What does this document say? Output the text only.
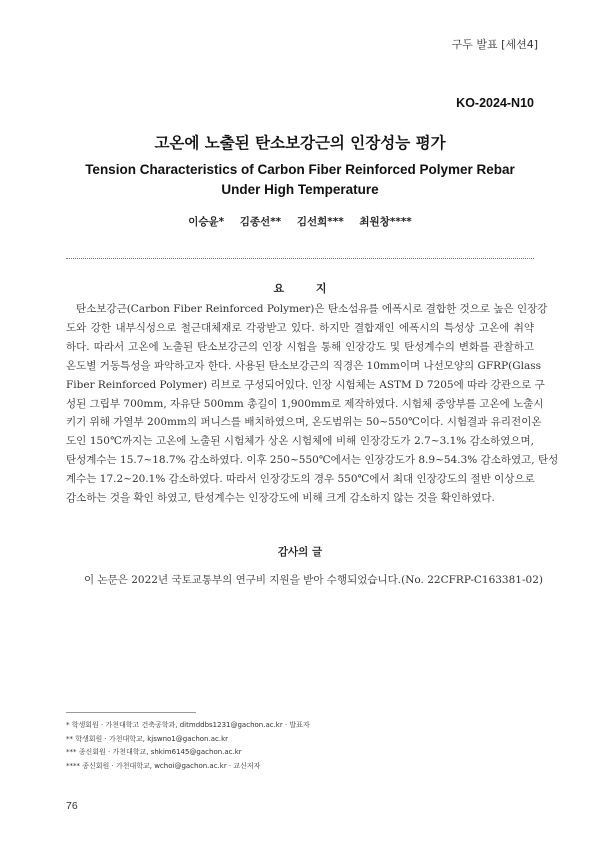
구두 발표 [세션4]
KO-2024-N10
고온에 노출된 탄소보강근의 인장성능 평가
Tension Characteristics of Carbon Fiber Reinforced Polymer Rebar Under High Temperature
이승윤* 김종선** 김선희*** 최원창****
요 지
탄소보강근(Carbon Fiber Reinforced Polymer)은 탄소섬유를 에폭시로 결합한 것으로 높은 인장강
도와 강한 내부식성으로 철근대체재로 각광받고 있다. 하지만 결합재인 에폭시의 특성상 고온에 취약
하다. 따라서 고온에 노출된 탄소보강근의 인장 시험을 통해 인장강도 및 탄성계수의 변화를 관찰하고
온도별 거동특성을 파악하고자 한다. 사용된 탄소보강근의 직경은 10mm이며 나선모양의 GFRP(Glass
Fiber Reinforced Polymer) 리브로 구성되어있다. 인장 시험체는 ASTM D 7205에 따라 강관으로 구
성된 그립부 700mm, 자유단 500mm 총길이 1,900mm로 제작하였다. 시험체 중앙부를 고온에 노출시
키기 위해 가열부 200mm의 퍼니스를 배치하였으며, 온도범위는 50~550℃이다. 시험결과 유리전이온
도인 150℃까지는 고온에 노출된 시험체가 상온 시험체에 비해 인장강도가 2.7~3.1% 감소하였으며,
탄성계수는 15.7~18.7% 감소하였다. 이후 250~550℃에서는 인장강도가 8.9~54.3% 감소하였고, 탄성
계수는 17.2~20.1% 감소하였다. 따라서 인장강도의 경우 550℃에서 최대 인장강도의 절반 이상으로
감소하는 것을 확인 하였고, 탄성계수는 인장강도에 비해 크게 감소하지 않는 것을 확인하였다.
감사의 글
이 논문은 2022년 국토교통부의 연구비 지원을 받아 수행되었습니다.(No. 22CFRP-C163381-02)
* 학생회원 · 가천대학고 건축공학과, ditmddbs1231@gachon.ac.kr · 발표자
** 학생회원 · 가천대학교, kjswno1@gachon.ac.kr
*** 종신회원 · 가천대학교, shkim6145@gachon.ac.kr
**** 종신회원 · 가천대학교, wchoi@gachon.ac.kr · 교신저자
76
